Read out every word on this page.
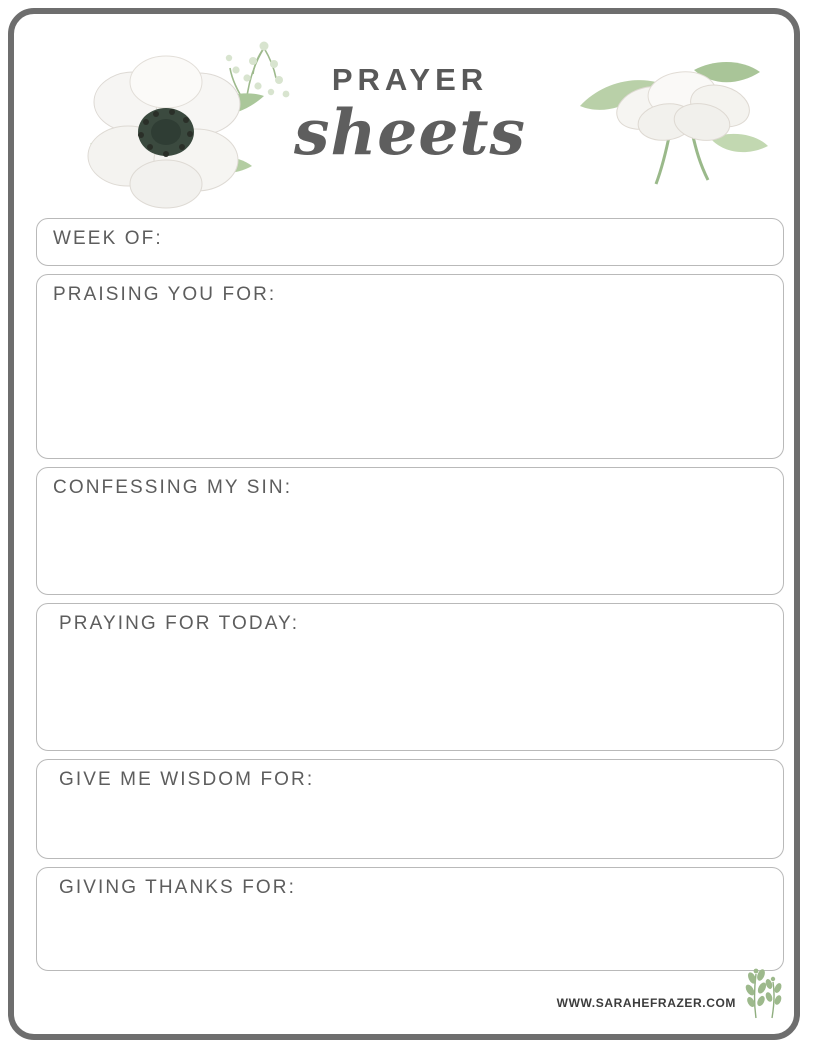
PRAYER
sheets
WEEK OF:
PRAISING YOU FOR:
CONFESSING MY SIN:
PRAYING FOR TODAY:
GIVE ME WISDOM FOR:
GIVING THANKS FOR:
WWW.SARAHEFRAZER.COM
